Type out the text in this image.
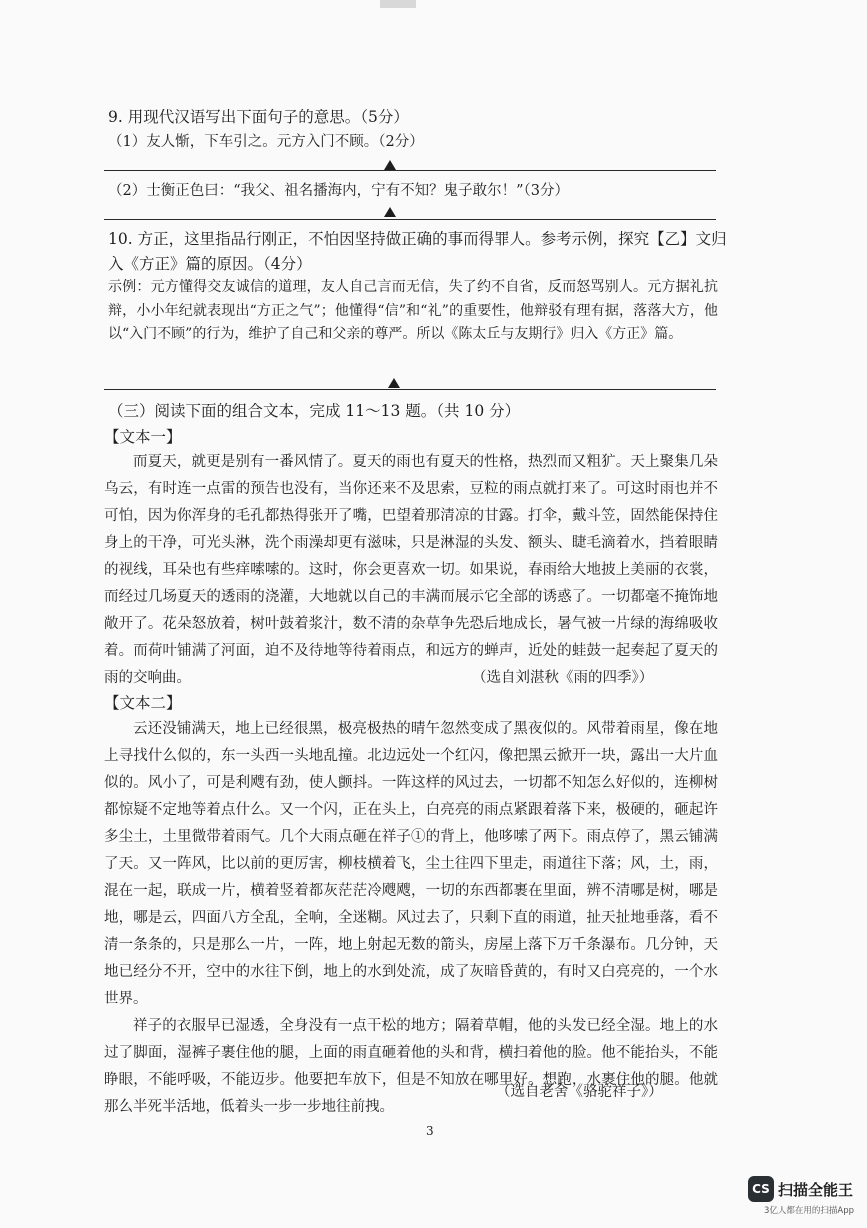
9. 用现代汉语写出下面句子的意思。（5分）
（1）友人惭，下车引之。元方入门不顾。（2分）
（2）士衡正色曰：“我父、祖名播海内，宁有不知？鬼子敢尔！”（3分）
10. 方正，这里指品行刚正，不怕因坚持做正确的事而得罪人。参考示例，探究【乙】文归
入《方正》篇的原因。（4分）
示例：元方懂得交友诚信的道理，友人自己言而无信，失了约不自省，反而怒骂别人。元方据礼抗辩，小小年纪就表现出“方正之气”；他懂得“信”和“礼”的重要性，他辩驳有理有据，落落大方，他以“入门不顾”的行为，维护了自己和父亲的尊严。所以《陈太丘与友期行》归入《方正》篇。
（三）阅读下面的组合文本，完成 11～13 题。（共 10 分）
【文本一】

而夏天，就更是别有一番风情了。夏天的雨也有夏天的性格，热烈而又粗犷。天上聚集几朵乌云，有时连一点雷的预告也没有，当你还来不及思索，豆粒的雨点就打来了。可这时雨也并不可怕，因为你浑身的毛孔都热得张开了嘴，巴望着那清凉的甘露。打伞，戴斗笠，固然能保持住身上的干净，可光头淋，洗个雨澡却更有滋味，只是淋湿的头发、额头、睫毛滴着水，挡着眼睛的视线，耳朵也有些痒嗦嗦的。这时，你会更喜欢一切。如果说，春雨给大地披上美丽的衣裳，而经过几场夏天的透雨的浇灌，大地就以自己的丰满而展示它全部的诱惑了。一切都毫不掩饰地敞开了。花朵怒放着，树叶鼓着浆汁，数不清的杂草争先恐后地成长，暑气被一片绿的海绵吸收着。而荷叶铺满了河面，迫不及待地等待着雨点，和远方的蝉声，近处的蛙鼓一起奏起了夏天的雨的交响曲。	（选自刘湛秋《雨的四季》）
【文本二】

云还没铺满天，地上已经很黑，极亮极热的晴午忽然变成了黑夜似的。风带着雨星，像在地上寻找什么似的，东一头西一头地乱撞。北边远处一个红闪，像把黑云掀开一块，露出一大片血似的。风小了，可是利飕有劲，使人颤抖。一阵这样的风过去，一切都不知怎么好似的，连柳树都惊疑不定地等着点什么。又一个闪，正在头上，白亮亮的雨点紧跟着落下来，极硬的，砸起许多尘土，土里微带着雨气。几个大雨点砸在祥子①的背上，他哆嗦了两下。雨点停了，黑云铺满了天。又一阵风，比以前的更厉害，柳枝横着飞，尘土往四下里走，雨道往下落；风，土，雨，混在一起，联成一片，横着竖着都灰茫茫冷飕飕，一切的东西都裹在里面，辨不清哪是树，哪是地，哪是云，四面八方全乱，全响，全迷糊。风过去了，只剩下直的雨道，扯天扯地垂落，看不清一条条的，只是那么一片，一阵，地上射起无数的箭头，房屋上落下万千条瀑布。几分钟，天地已经分不开，空中的水往下倒，地上的水到处流，成了灰暗昏黄的，有时又白亮亮的，一个水世界。

祥子的衣服早已湿透，全身没有一点干松的地方；隔着草帽，他的头发已经全湿。地上的水过了脚面，湿裤子裹住他的腿，上面的雨直砸着他的头和背，横扫着他的脸。他不能抬头，不能睁眼，不能呼吸，不能迈步。他要把车放下，但是不知放在哪里好。想跑，水裹住他的腿。他就那么半死半活地，低着头一步一步地往前拽。

（选自老舍《骆驼祥子》）
3
CS 扫描全能王
3亿人都在用的扫描App
